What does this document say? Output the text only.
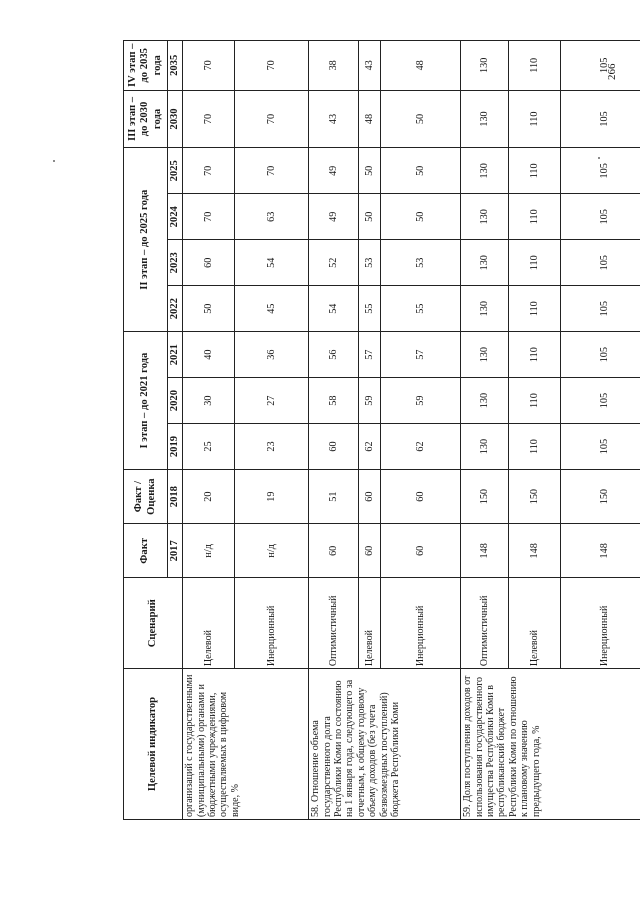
266
Целевой индикатор	Сценарий	Факт	Факт / Оценка	I этап – до 2021 года			II этап – до 2025 года				III этап – до 2030 года	IV этап – до 2035 года
		2017	2018	2019	2020	2021	2022	2023	2024	2025	2030	2035
организаций с государственными (муниципальными) органами и бюджетными учреждениями, осуществляемых в цифровом виде, %	Целевой	н/д	20	25	30	40	50	60	70	70	70	70
	Инерционный	н/д	19	23	27	36	45	54	63	70	70	70
58. Отношение объема государственного долга Республики Коми по состоянию на 1 января года, следующего за отчетным, к общему годовому объему доходов (без учета безвозмездных поступлений) бюджета Республики Коми	Оптимистичный	60	51	60	58	56	54	52	49	49	43	38
	Целевой	60	60	62	59	57	55	53	50	50	48	43
	Инерционный	60	60	62	59	57	55	53	50	50	50	48
59. Доля поступления доходов от использования государственного имущества Республики Коми в республиканский бюджет Республики Коми по отношению к плановому значению предыдущего года, %	Оптимистичный	148	150	130	130	130	130	130	130	130	130	130
	Целевой	148	150	110	110	110	110	110	110	110	110	110
	Инерционный	148	150	105	105	105	105	105	105	105	105	105
